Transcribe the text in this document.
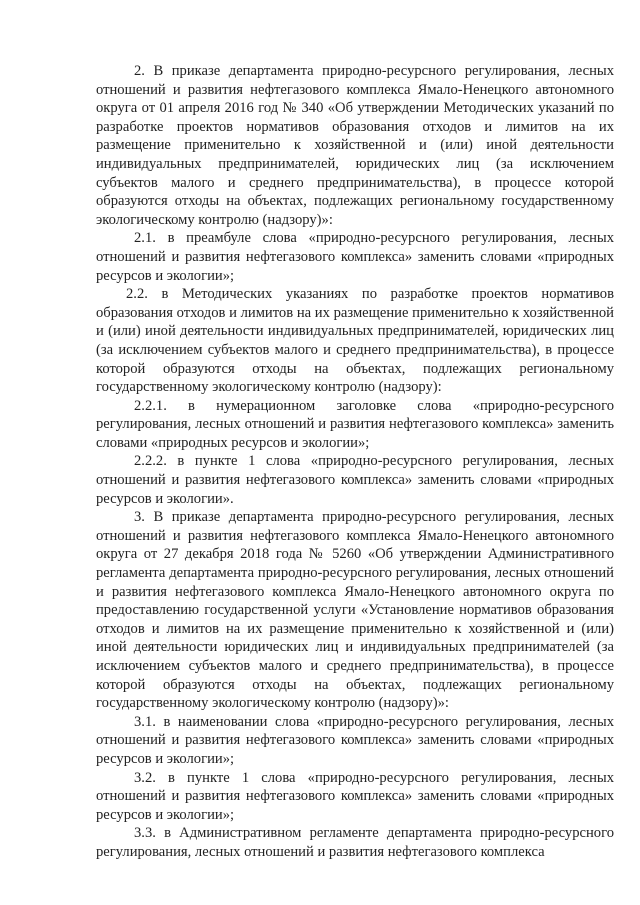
2. В приказе департамента природно-ресурсного регулирования, лесных отношений и развития нефтегазового комплекса Ямало-Ненецкого автономного округа от 01 апреля 2016 год № 340 «Об утверждении Методических указаний по разработке проектов нормативов образования отходов и лимитов на их размещение применительно к хозяйственной и (или) иной деятельности индивидуальных предпринимателей, юридических лиц (за исключением субъектов малого и среднего предпринимательства), в процессе которой образуются отходы на объектах, подлежащих региональному государственному экологическому контролю (надзору)»:

2.1. в преамбуле слова «природно-ресурсного регулирования, лесных отношений и развития нефтегазового комплекса» заменить словами «природных ресурсов и экологии»;

2.2. в Методических указаниях по разработке проектов нормативов образования отходов и лимитов на их размещение применительно к хозяйственной и (или) иной деятельности индивидуальных предпринимателей, юридических лиц (за исключением субъектов малого и среднего предпринимательства), в процессе которой образуются отходы на объектах, подлежащих региональному государственному экологическому контролю (надзору):

2.2.1. в нумерационном заголовке слова «природно-ресурсного регулирования, лесных отношений и развития нефтегазового комплекса» заменить словами «природных ресурсов и экологии»;

2.2.2. в пункте 1 слова «природно-ресурсного регулирования, лесных отношений и развития нефтегазового комплекса» заменить словами «природных ресурсов и экологии».

3. В приказе департамента природно-ресурсного регулирования, лесных отношений и развития нефтегазового комплекса Ямало-Ненецкого автономного округа от 27 декабря 2018 года № 5260 «Об утверждении Административного регламента департамента природно-ресурсного регулирования, лесных отношений и развития нефтегазового комплекса Ямало-Ненецкого автономного округа по предоставлению государственной услуги «Установление нормативов образования отходов и лимитов на их размещение применительно к хозяйственной и (или) иной деятельности юридических лиц и индивидуальных предпринимателей (за исключением субъектов малого и среднего предпринимательства), в процессе которой образуются отходы на объектах, подлежащих региональному государственному экологическому контролю (надзору)»:

3.1. в наименовании слова «природно-ресурсного регулирования, лесных отношений и развития нефтегазового комплекса» заменить словами «природных ресурсов и экологии»;

3.2. в пункте 1 слова «природно-ресурсного регулирования, лесных отношений и развития нефтегазового комплекса» заменить словами «природных ресурсов и экологии»;

3.3. в Административном регламенте департамента природно-ресурсного регулирования, лесных отношений и развития нефтегазового комплекса
